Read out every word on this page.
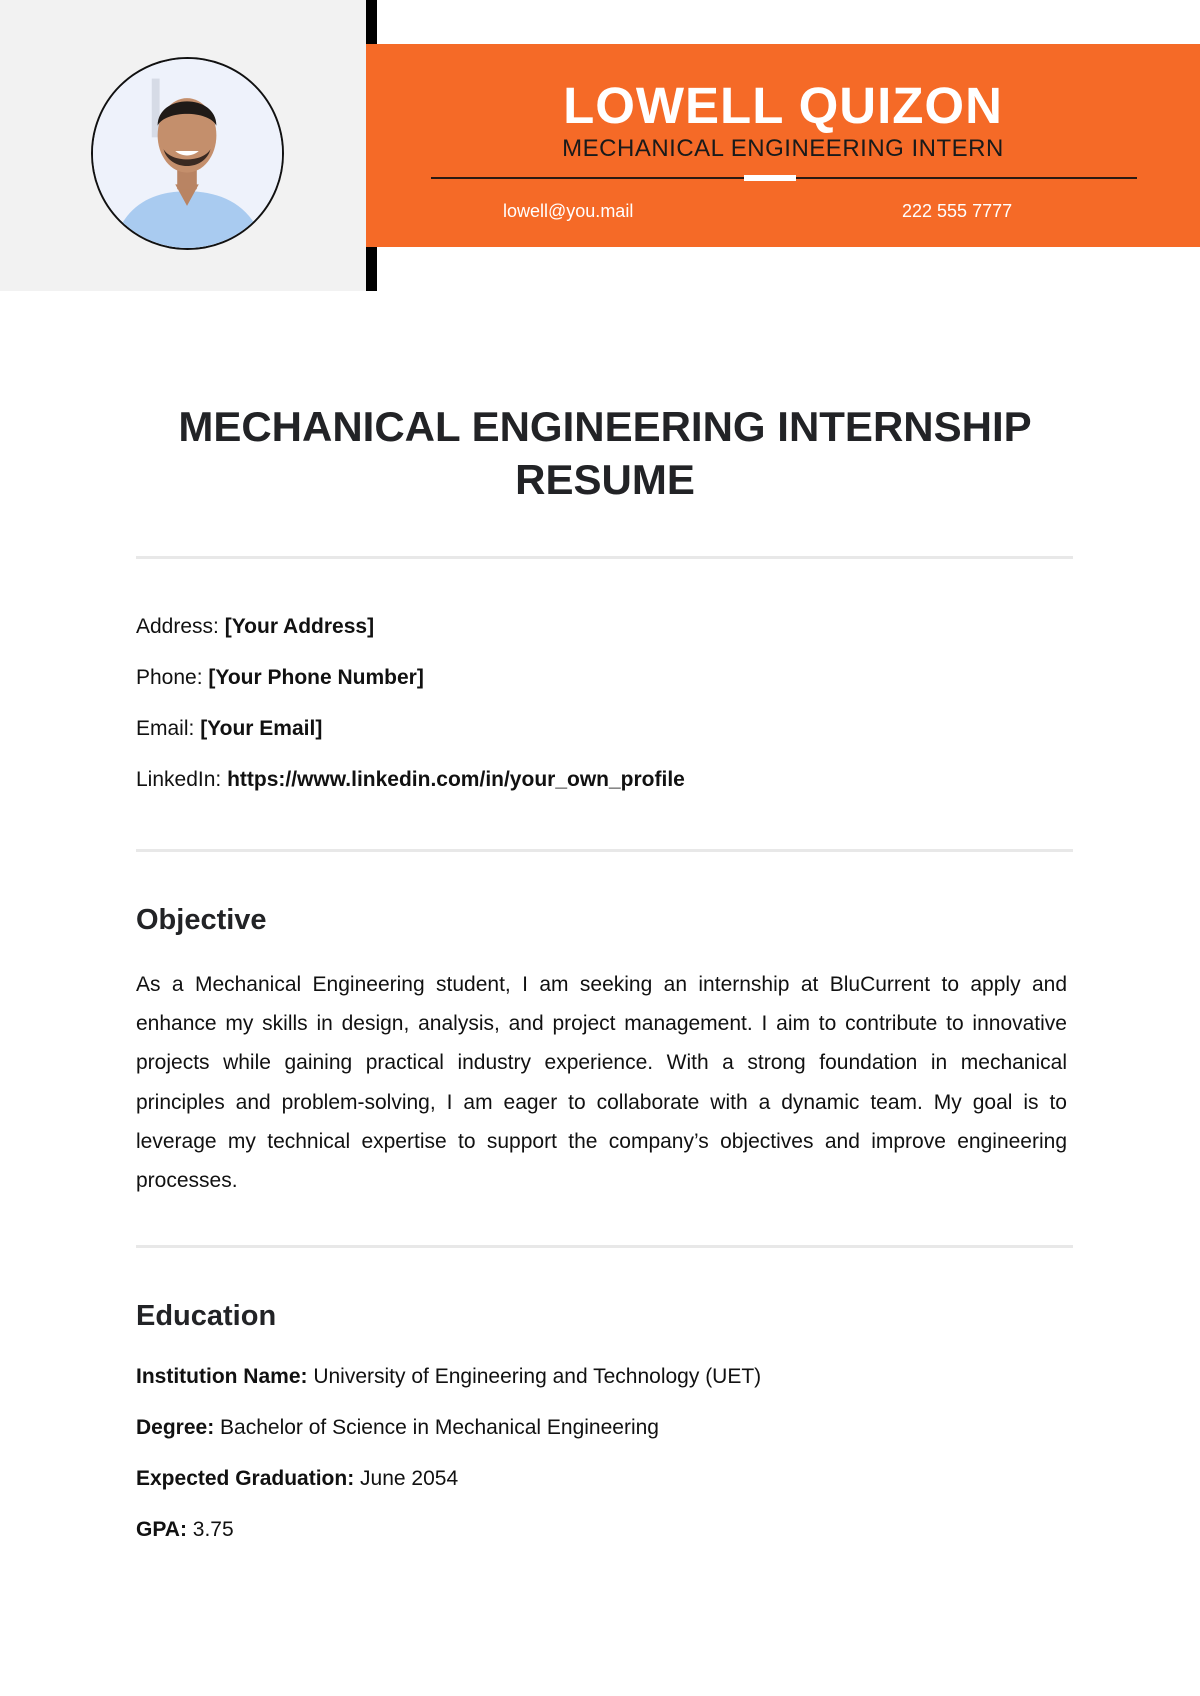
LOWELL QUIZON
MECHANICAL ENGINEERING INTERN
lowell@you.mail	222 555 7777
MECHANICAL ENGINEERING INTERNSHIP
RESUME
Address: [Your Address]
Phone: [Your Phone Number]
Email: [Your Email]
LinkedIn: https://www.linkedin.com/in/your_own_profile
Objective
As a Mechanical Engineering student, I am seeking an internship at BluCurrent to apply and enhance my skills in design, analysis, and project management. I aim to contribute to innovative projects while gaining practical industry experience. With a strong foundation in mechanical principles and problem-solving, I am eager to collaborate with a dynamic team. My goal is to leverage my technical expertise to support the company’s objectives and improve engineering processes.
Education
Institution Name: University of Engineering and Technology (UET)
Degree: Bachelor of Science in Mechanical Engineering
Expected Graduation: June 2054
GPA: 3.75
